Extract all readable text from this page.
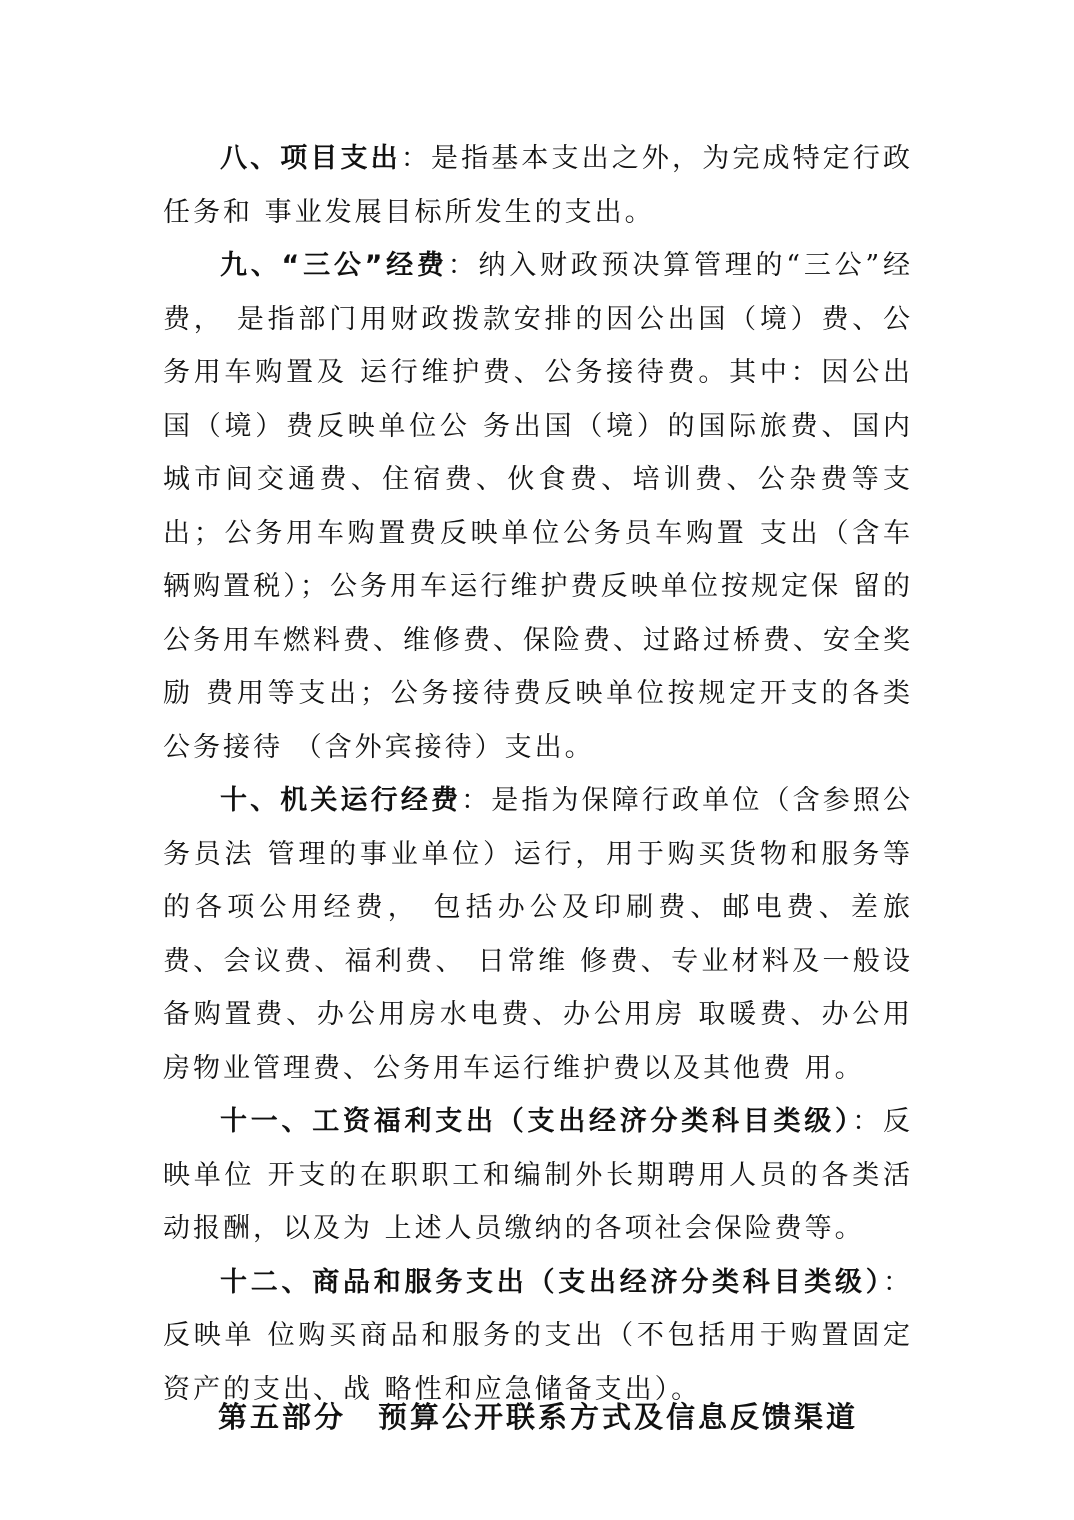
八、项目支出：是指基本支出之外，为完成特定行政任务和 事业发展目标所发生的支出。

九、“三公”经费：纳入财政预决算管理的“三公”经费， 是指部门用财政拨款安排的因公出国（境）费、公务用车购置及 运行维护费、公务接待费。其中：因公出国（境）费反映单位公 务出国（境）的国际旅费、国内城市间交通费、住宿费、伙食费、培训费、公杂费等支出；公务用车购置费反映单位公务员车购置 支出（含车辆购置税）；公务用车运行维护费反映单位按规定保 留的公务用车燃料费、维修费、保险费、过路过桥费、安全奖励 费用等支出；公务接待费反映单位按规定开支的各类公务接待 （含外宾接待）支出。

十、机关运行经费：是指为保障行政单位（含参照公务员法 管理的事业单位）运行，用于购买货物和服务等的各项公用经费， 包括办公及印刷费、邮电费、差旅费、会议费、福利费、 日常维 修费、专业材料及一般设备购置费、办公用房水电费、办公用房 取暖费、办公用房物业管理费、公务用车运行维护费以及其他费 用。

十一、工资福利支出（支出经济分类科目类级）：反映单位 开支的在职职工和编制外长期聘用人员的各类活动报酬，以及为 上述人员缴纳的各项社会保险费等。

十二、商品和服务支出（支出经济分类科目类级）：反映单 位购买商品和服务的支出（不包括用于购置固定资产的支出、战 略性和应急储备支出）。

第五部分　预算公开联系方式及信息反馈渠道
